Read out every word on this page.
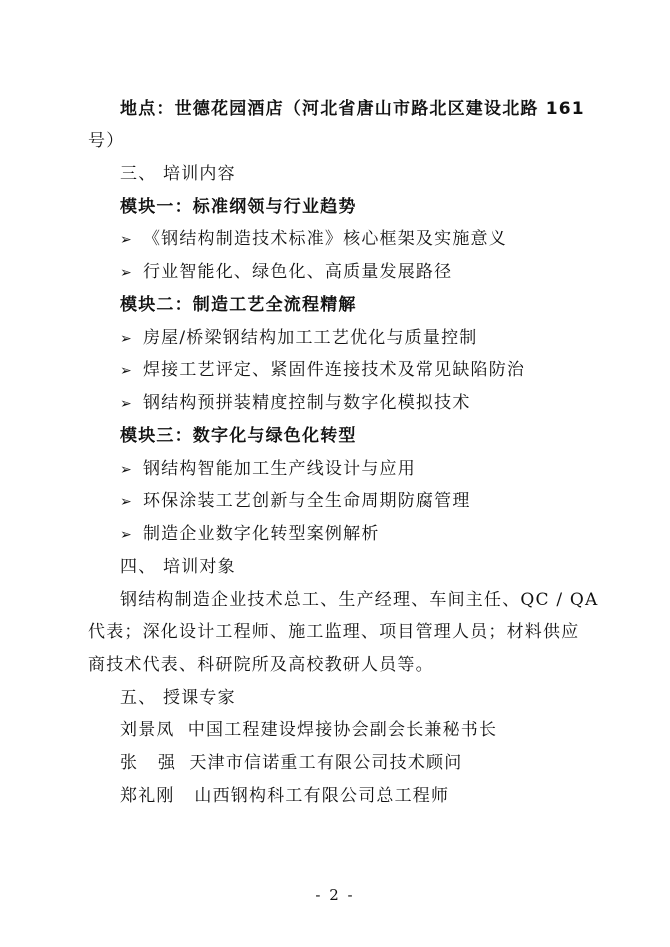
地点：世德花园酒店（河北省唐山市路北区建设北路 161
号）
三、 培训内容
模块一：标准纲领与行业趋势
➢ 《钢结构制造技术标准》核心框架及实施意义
➢ 行业智能化、绿色化、高质量发展路径
模块二：制造工艺全流程精解
➢ 房屋/桥梁钢结构加工工艺优化与质量控制
➢ 焊接工艺评定、紧固件连接技术及常见缺陷防治
➢ 钢结构预拼装精度控制与数字化模拟技术
模块三：数字化与绿色化转型
➢ 钢结构智能加工生产线设计与应用
➢ 环保涂装工艺创新与全生命周期防腐管理
➢ 制造企业数字化转型案例解析
四、 培训对象
钢结构制造企业技术总工、生产经理、车间主任、QC / QA
代表；深化设计工程师、施工监理、项目管理人员；材料供应
商技术代表、科研院所及高校教研人员等。
五、 授课专家
刘景凤  中国工程建设焊接协会副会长兼秘书长
张   强  天津市信诺重工有限公司技术顾问
郑礼刚   山西钢构科工有限公司总工程师
- 2 -
